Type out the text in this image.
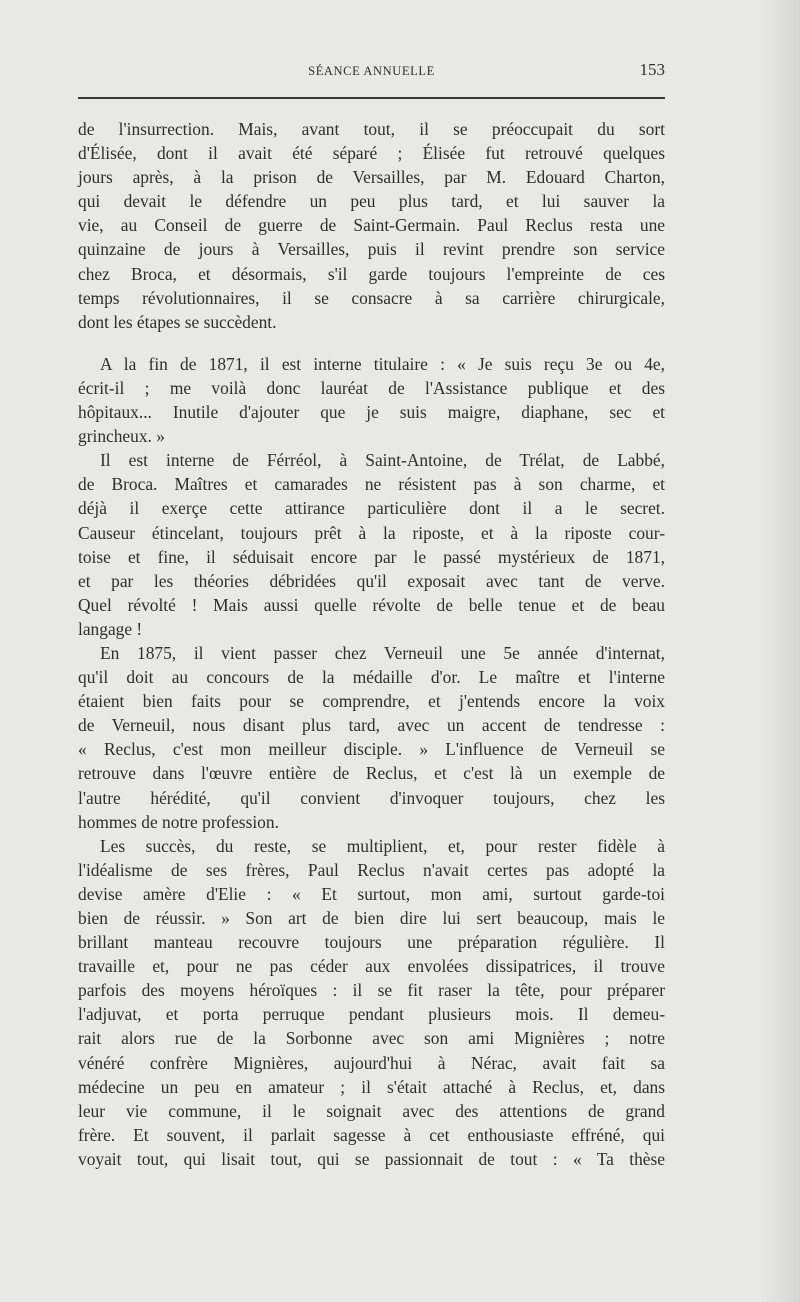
SÉANCE ANNUELLE	153
de l'insurrection. Mais, avant tout, il se préoccupait du sort
d'Élisée, dont il avait été séparé ; Élisée fut retrouvé quelques
jours après, à la prison de Versailles, par M. Edouard Charton,
qui devait le défendre un peu plus tard, et lui sauver la
vie, au Conseil de guerre de Saint-Germain. Paul Reclus resta une
quinzaine de jours à Versailles, puis il revint prendre son service
chez Broca, et désormais, s'il garde toujours l'empreinte de ces
temps révolutionnaires, il se consacre à sa carrière chirurgicale,
dont les étapes se succèdent.
A la fin de 1871, il est interne titulaire : « Je suis reçu 3e ou 4e,
écrit-il ; me voilà donc lauréat de l'Assistance publique et des
hôpitaux... Inutile d'ajouter que je suis maigre, diaphane, sec et
grincheux. »
Il est interne de Férréol, à Saint-Antoine, de Trélat, de Labbé,
de Broca. Maîtres et camarades ne résistent pas à son charme, et
déjà il exerçe cette attirance particulière dont il a le secret.
Causeur étincelant, toujours prêt à la riposte, et à la riposte cour-
toise et fine, il séduisait encore par le passé mystérieux de 1871,
et par les théories débridées qu'il exposait avec tant de verve.
Quel révolté ! Mais aussi quelle révolte de belle tenue et de beau
langage !
En 1875, il vient passer chez Verneuil une 5e année d'internat,
qu'il doit au concours de la médaille d'or. Le maître et l'interne
étaient bien faits pour se comprendre, et j'entends encore la voix
de Verneuil, nous disant plus tard, avec un accent de tendresse :
« Reclus, c'est mon meilleur disciple. » L'influence de Verneuil se
retrouve dans l'œuvre entière de Reclus, et c'est là un exemple de
l'autre hérédité, qu'il convient d'invoquer toujours, chez les
hommes de notre profession.
Les succès, du reste, se multiplient, et, pour rester fidèle à
l'idéalisme de ses frères, Paul Reclus n'avait certes pas adopté la
devise amère d'Elie : « Et surtout, mon ami, surtout garde-toi
bien de réussir. » Son art de bien dire lui sert beaucoup, mais le
brillant manteau recouvre toujours une préparation régulière. Il
travaille et, pour ne pas céder aux envolées dissipatrices, il trouve
parfois des moyens héroïques : il se fit raser la tête, pour préparer
l'adjuvat, et porta perruque pendant plusieurs mois. Il demeu-
rait alors rue de la Sorbonne avec son ami Mignières ; notre
vénéré confrère Mignières, aujourd'hui à Nérac, avait fait sa
médecine un peu en amateur ; il s'était attaché à Reclus, et, dans
leur vie commune, il le soignait avec des attentions de grand
frère. Et souvent, il parlait sagesse à cet enthousiaste effréné, qui
voyait tout, qui lisait tout, qui se passionnait de tout : « Ta thèse
